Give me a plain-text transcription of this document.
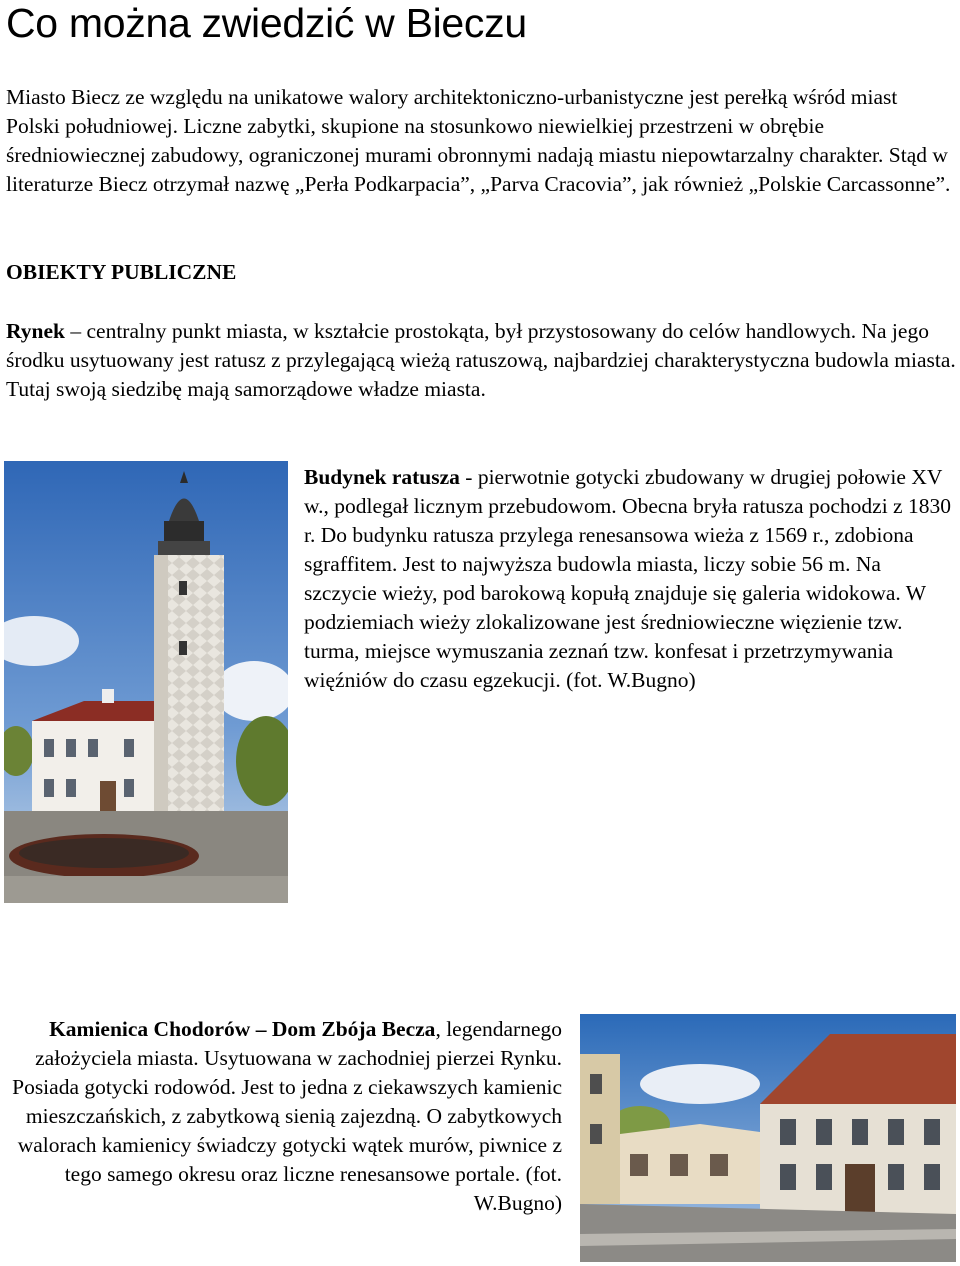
Co można zwiedzić w Bieczu

Miasto Biecz ze względu na unikatowe walory architektoniczno-urbanistyczne jest perełką wśród miast Polski południowej. Liczne zabytki, skupione na stosunkowo niewielkiej przestrzeni w obrębie średniowiecznej zabudowy, ograniczonej murami obronnymi nadają miastu niepowtarzalny charakter. Stąd w literaturze Biecz otrzymał nazwę „Perła Podkarpacia”, „Parva Cracovia”, jak również „Polskie Carcassonne”.

OBIEKTY PUBLICZNE

Rynek – centralny punkt miasta, w kształcie prostokąta, był przystosowany do celów handlowych. Na jego środku usytuowany jest ratusz z przylegającą wieżą ratuszową, najbardziej charakterystyczna budowla miasta. Tutaj swoją siedzibę mają samorządowe władze miasta.

Budynek ratusza - pierwotnie gotycki zbudowany w drugiej połowie XV w., podlegał licznym przebudowom. Obecna bryła ratusza pochodzi z 1830 r. Do budynku ratusza przylega renesansowa wieża z 1569 r., zdobiona sgraffitem. Jest to najwyższa budowla miasta, liczy sobie 56 m. Na szczycie wieży, pod barokową kopułą znajduje się galeria widokowa. W podziemiach wieży zlokalizowane jest średniowieczne więzienie tzw. turma, miejsce wymuszania zeznań tzw. konfesat i przetrzymywania więźniów do czasu egzekucji. (fot. W.Bugno)

Kamienica Chodorów – Dom Zbója Becza, legendarnego założyciela miasta. Usytuowana w zachodniej pierzei Rynku. Posiada gotycki rodowód. Jest to jedna z ciekawszych kamienic mieszczańskich, z zabytkową sienią zajezdną. O zabytkowych walorach kamienicy świadczy gotycki wątek murów, piwnice z tego samego okresu oraz liczne renesansowe portale. (fot. W.Bugno)
